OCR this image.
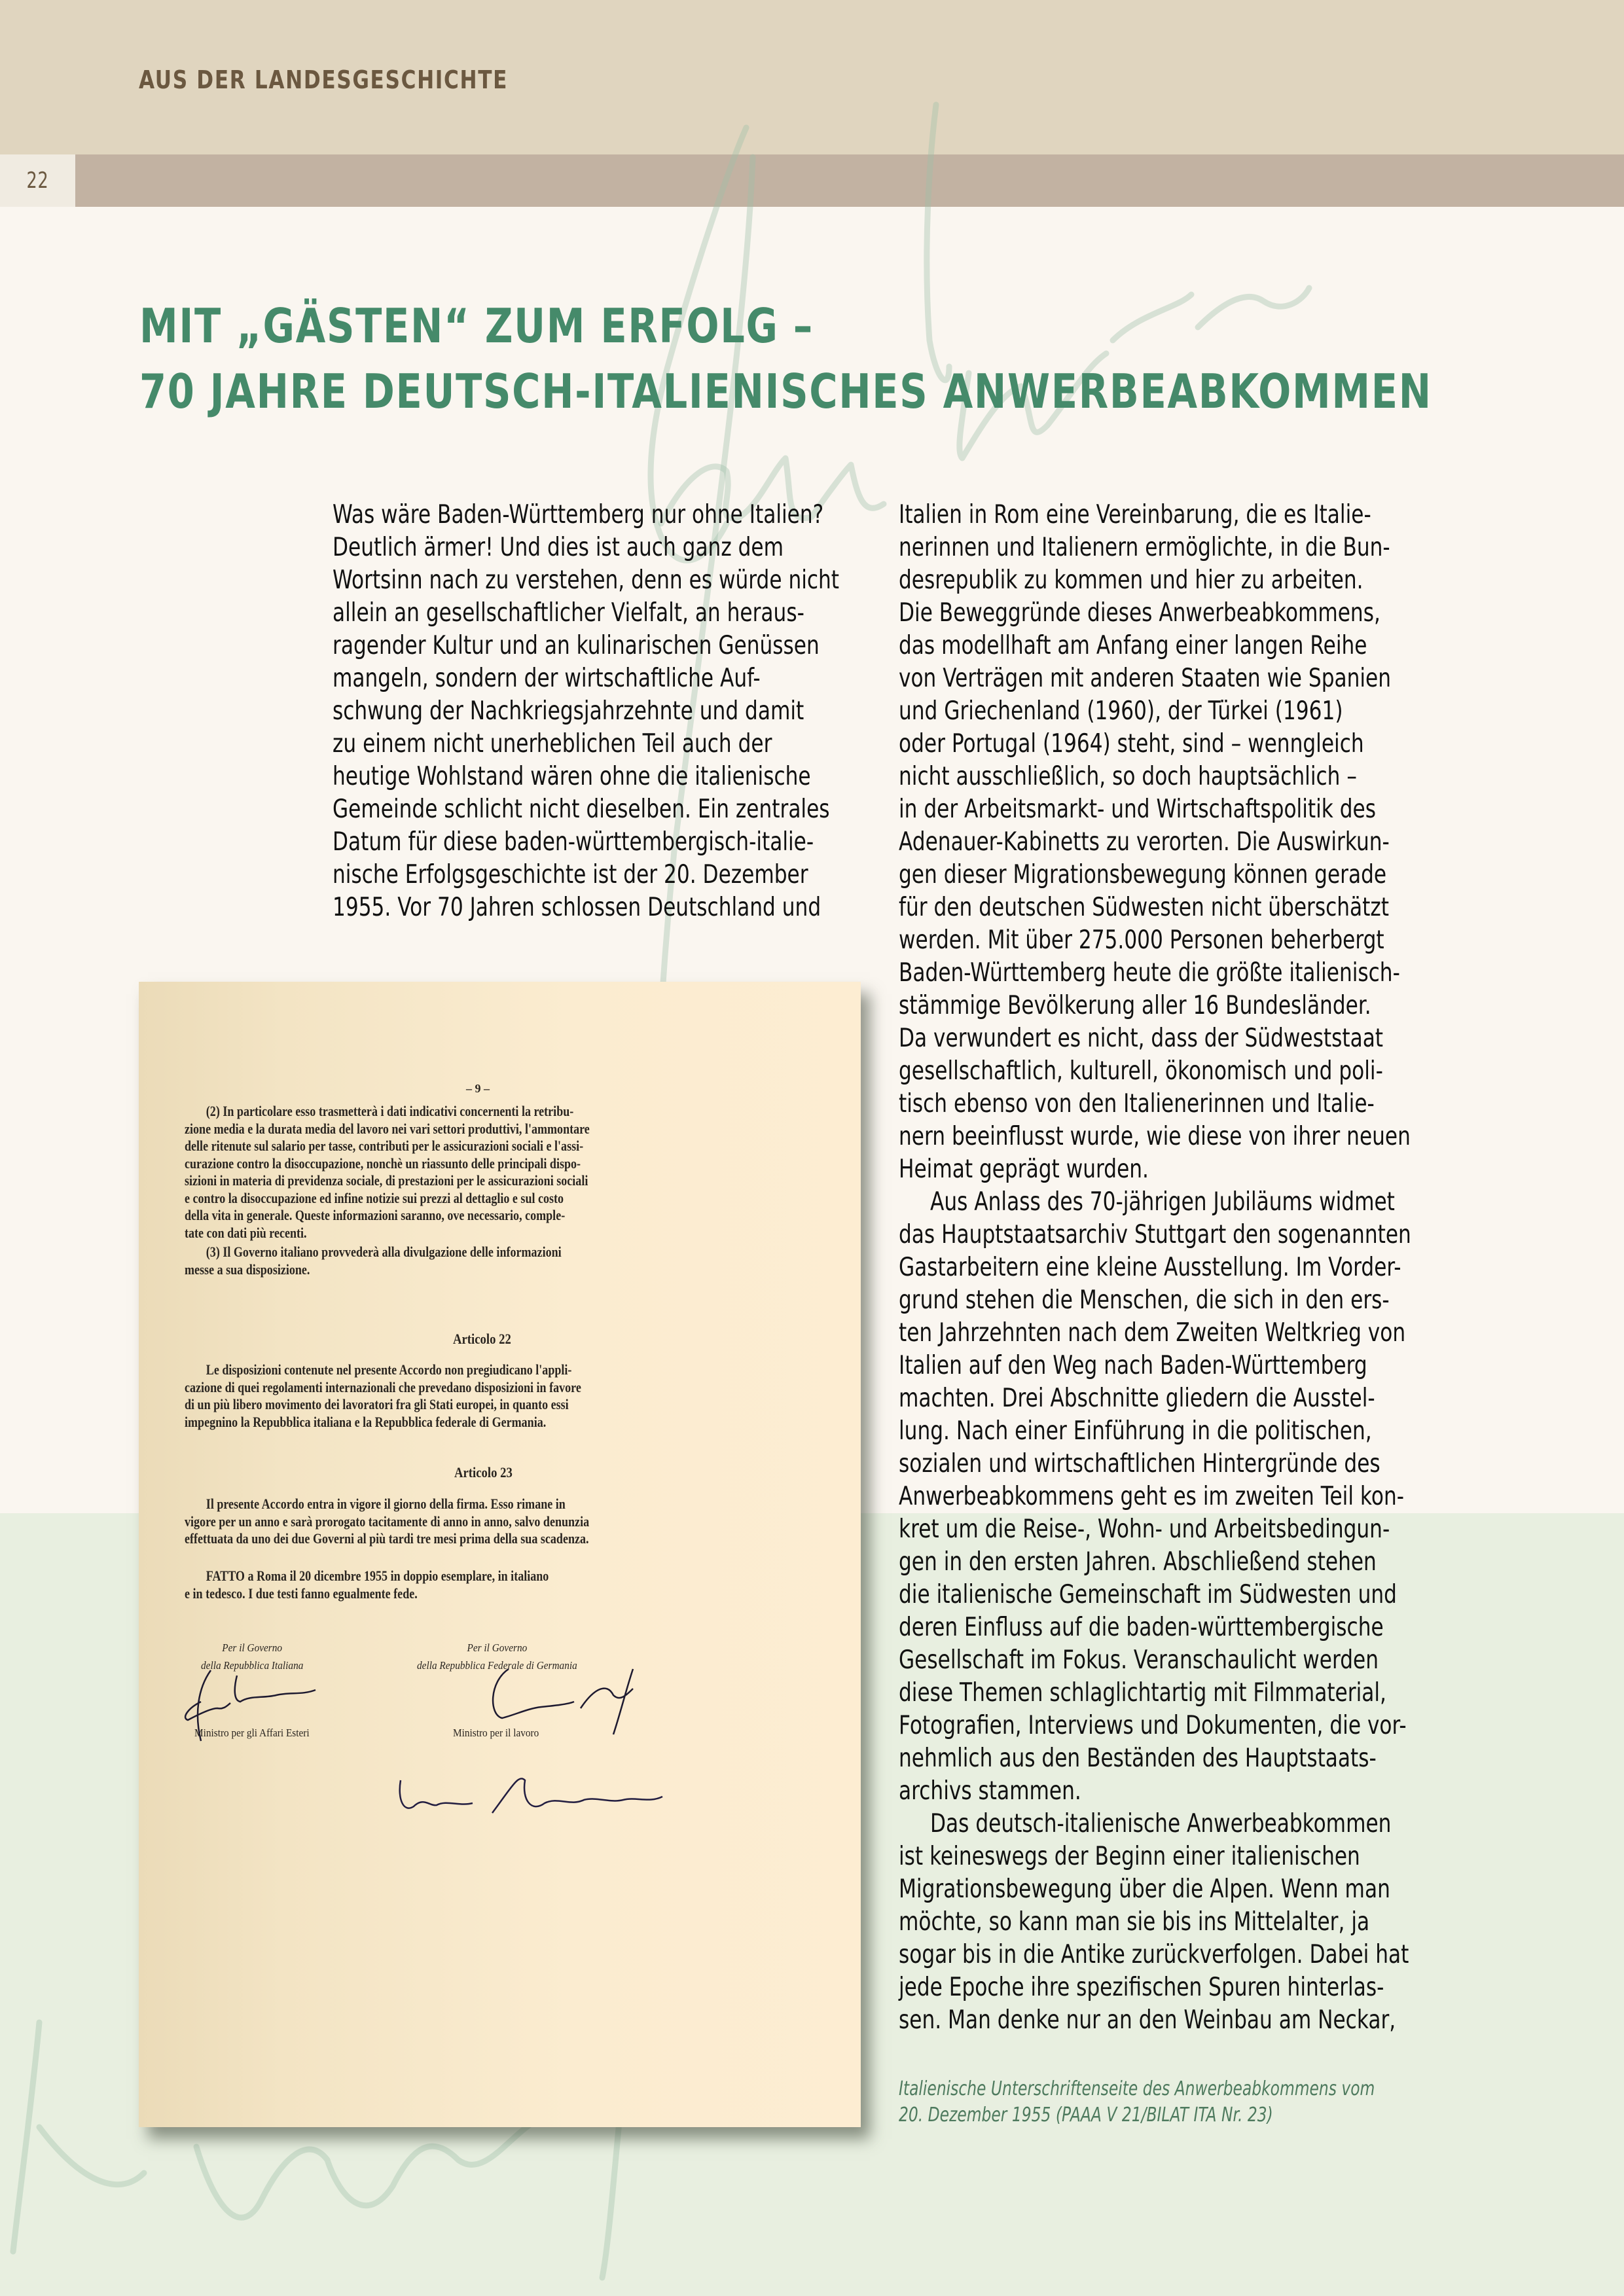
AUS DER LANDESGESCHICHTE
22
MIT „GÄSTEN“ ZUM ERFOLG –
70 JAHRE DEUTSCH-ITALIENISCHES ANWERBEABKOMMEN
Was wäre Baden-Württemberg nur ohne Italien?
Deutlich ärmer! Und dies ist auch ganz dem
Wortsinn nach zu verstehen, denn es würde nicht
allein an gesellschaftlicher Vielfalt, an heraus-
ragender Kultur und an kulinarischen Genüssen
mangeln, sondern der wirtschaftliche Auf-
schwung der Nachkriegsjahrzehnte und damit
zu einem nicht unerheblichen Teil auch der
heutige Wohlstand wären ohne die italienische
Gemeinde schlicht nicht dieselben. Ein zentrales
Datum für diese baden-württembergisch-italie-
nische Erfolgsgeschichte ist der 20. Dezember
1955. Vor 70 Jahren schlossen Deutschland und
Italien in Rom eine Vereinbarung, die es Italie-
nerinnen und Italienern ermöglichte, in die Bun-
desrepublik zu kommen und hier zu arbeiten.
Die Beweggründe dieses Anwerbeabkommens,
das modellhaft am Anfang einer langen Reihe
von Verträgen mit anderen Staaten wie Spanien
und Griechenland (1960), der Türkei (1961)
oder Portugal (1964) steht, sind – wenngleich
nicht ausschließlich, so doch hauptsächlich –
in der Arbeitsmarkt- und Wirtschaftspolitik des
Adenauer-Kabinetts zu verorten. Die Auswirkun-
gen dieser Migrationsbewegung können gerade
für den deutschen Südwesten nicht überschätzt
werden. Mit über 275.000 Personen beherbergt
Baden-Württemberg heute die größte italienisch-
stämmige Bevölkerung aller 16 Bundesländer.
Da verwundert es nicht, dass der Südweststaat
gesellschaftlich, kulturell, ökonomisch und poli-
tisch ebenso von den Italienerinnen und Italie-
nern beeinflusst wurde, wie diese von ihrer neuen
Heimat geprägt wurden.
Aus Anlass des 70-jährigen Jubiläums widmet
das Hauptstaatsarchiv Stuttgart den sogenannten
Gastarbeitern eine kleine Ausstellung. Im Vorder-
grund stehen die Menschen, die sich in den ers-
ten Jahrzehnten nach dem Zweiten Weltkrieg von
Italien auf den Weg nach Baden-Württemberg
machten. Drei Abschnitte gliedern die Ausstel-
lung. Nach einer Einführung in die politischen,
sozialen und wirtschaftlichen Hintergründe des
Anwerbeabkommens geht es im zweiten Teil kon-
kret um die Reise-, Wohn- und Arbeitsbedingun-
gen in den ersten Jahren. Abschließend stehen
die italienische Gemeinschaft im Südwesten und
deren Einfluss auf die baden-württembergische
Gesellschaft im Fokus. Veranschaulicht werden
diese Themen schlaglichtartig mit Filmmaterial,
Fotografien, Interviews und Dokumenten, die vor-
nehmlich aus den Beständen des Hauptstaats-
archivs stammen.
Das deutsch-italienische Anwerbeabkommen
ist keineswegs der Beginn einer italienischen
Migrationsbewegung über die Alpen. Wenn man
möchte, so kann man sie bis ins Mittelalter, ja
sogar bis in die Antike zurückverfolgen. Dabei hat
jede Epoche ihre spezifischen Spuren hinterlas-
sen. Man denke nur an den Weinbau am Neckar,
– 9 –
(2) In particolare esso trasmetterà i dati indicativi concernenti la retribu-
zione media e la durata media del lavoro nei vari settori produttivi, l'ammontare
delle ritenute sul salario per tasse, contributi per le assicurazioni sociali e l'assi-
curazione contro la disoccupazione, nonchè un riassunto delle principali dispo-
sizioni in materia di previdenza sociale, di prestazioni per le assicurazioni sociali
e contro la disoccupazione ed infine notizie sui prezzi al dettaglio e sul costo
della vita in generale. Queste informazioni saranno, ove necessario, comple-
tate con dati più recenti.
(3) Il Governo italiano provvederà alla divulgazione delle informazioni
messe a sua disposizione.
Articolo 22
Le disposizioni contenute nel presente Accordo non pregiudicano l'appli-
cazione di quei regolamenti internazionali che prevedano disposizioni in favore
di un più libero movimento dei lavoratori fra gli Stati europei, in quanto essi
impegnino la Repubblica italiana e la Repubblica federale di Germania.
Articolo 23
Il presente Accordo entra in vigore il giorno della firma. Esso rimane in
vigore per un anno e sarà prorogato tacitamente di anno in anno, salvo denunzia
effettuata da uno dei due Governi al più tardi tre mesi prima della sua scadenza.
FATTO a Roma il 20 dicembre 1955 in doppio esemplare, in italiano
e in tedesco. I due testi fanno egualmente fede.
Per il Governo
della Repubblica Italiana
Per il Governo
della Repubblica Federale di Germania
Ministro per gli Affari Esteri	Ministro per il lavoro
Italienische Unterschriftenseite des Anwerbeabkommens vom
20. Dezember 1955 (PAAA V 21/BILAT ITA Nr. 23)
